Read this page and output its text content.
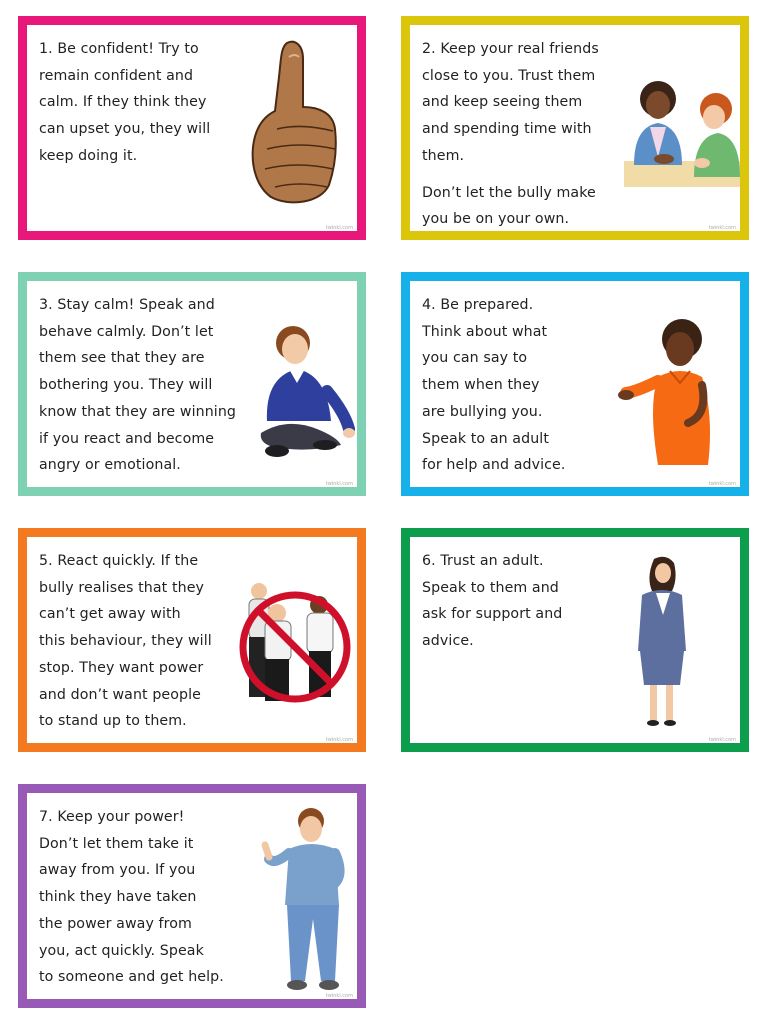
1. Be confident! Try to
remain confident and
calm. If they think they
can upset you, they will
keep doing it.

twinkl.com

2. Keep your real friends
close to you. Trust them
and keep seeing them
and spending time with
them.

Don’t let the bully make
you be on your own.

twinkl.com

3. Stay calm! Speak and
behave calmly. Don’t let
them see that they are
bothering you. They will
know that they are winning
if you react and become
angry or emotional.

twinkl.com

4. Be prepared.
Think about what
you can say to
them when they
are bullying you.
Speak to an adult
for help and advice.

twinkl.com

5. React quickly. If the
bully realises that they
can’t get away with
this behaviour, they will
stop. They want power
and don’t want people
to stand up to them.

twinkl.com

6. Trust an adult.
Speak to them and
ask for support and
advice.

twinkl.com

7. Keep your power!
Don’t let them take it
away from you. If you
think they have taken
the power away from
you, act quickly. Speak
to someone and get help.

twinkl.com
